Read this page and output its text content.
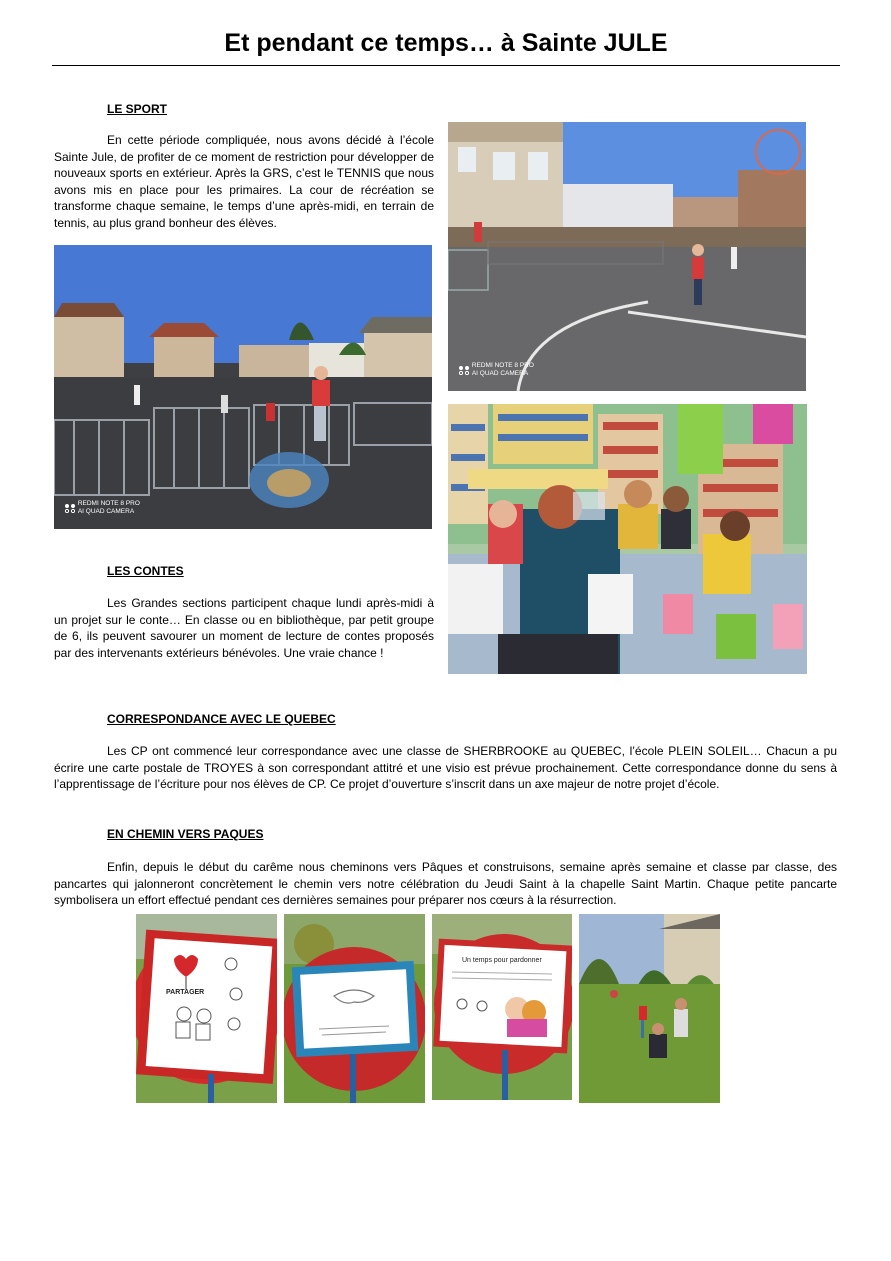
Et pendant ce temps… à Sainte JULE
LE SPORT
En cette période compliquée, nous avons décidé à l’école Sainte Jule, de profiter de ce moment de restriction pour développer de nouveaux sports en extérieur. Après la GRS, c’est le TENNIS que nous avons mis en place pour les primaires. La cour de récréation se transforme chaque semaine, le temps d’une après-midi, en terrain de tennis, au plus grand bonheur des élèves.

REDMI NOTE 8 PRO
AI QUAD CAMERA

REDMI NOTE 8 PRO
AI QUAD CAMERA
LES CONTES
Les Grandes sections participent chaque lundi après-midi à un projet sur le conte… En classe ou en bibliothèque, par petit groupe de 6, ils peuvent savourer un moment de lecture de contes proposés par des intervenants extérieurs bénévoles. Une vraie chance !
CORRESPONDANCE AVEC LE QUEBEC
Les CP ont commencé leur correspondance avec une classe de SHERBROOKE au QUEBEC, l’école PLEIN SOLEIL… Chacun a pu écrire une carte postale de TROYES à son correspondant attitré et une visio est prévue prochainement. Cette correspondance donne du sens à l’apprentissage de l’écriture pour nos élèves de CP. Ce projet d’ouverture s’inscrit dans un axe majeur de notre projet d’école.
EN CHEMIN VERS PAQUES
Enfin, depuis le début du carême nous cheminons vers Pâques et construisons, semaine après semaine et classe par classe, des pancartes qui jalonneront concrètement le chemin vers notre célébration du Jeudi Saint à la chapelle Saint Martin. Chaque petite pancarte symbolisera un effort effectué pendant ces dernières semaines pour préparer nos cœurs à la résurrection.
PARTAGER
Un temps pour pardonner
